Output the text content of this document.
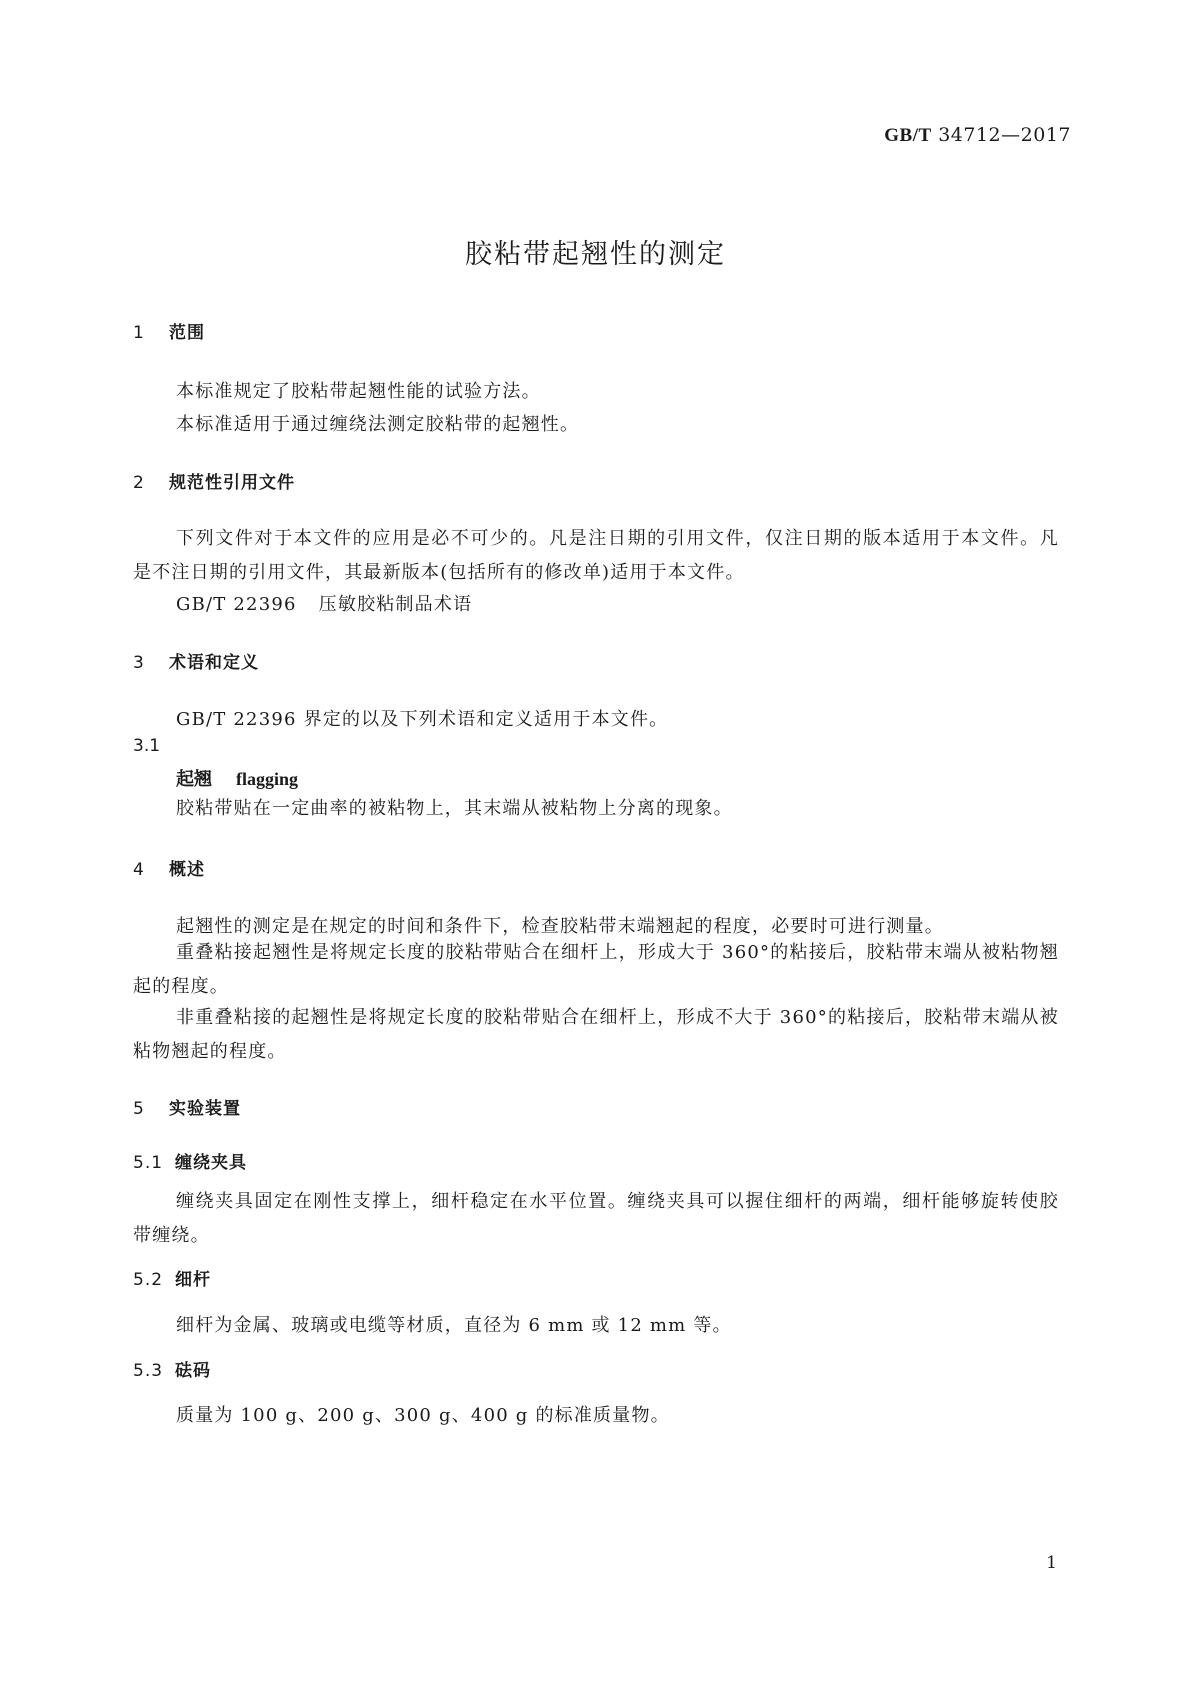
GB/T 34712—2017
胶粘带起翘性的测定
1 范围
本标准规定了胶粘带起翘性能的试验方法。
本标准适用于通过缠绕法测定胶粘带的起翘性。
2 规范性引用文件
下列文件对于本文件的应用是必不可少的。凡是注日期的引用文件，仅注日期的版本适用于本文件。凡是不注日期的引用文件，其最新版本(包括所有的修改单)适用于本文件。
GB/T 22396 压敏胶粘制品术语
3 术语和定义
GB/T 22396 界定的以及下列术语和定义适用于本文件。
3.1
起翘 flagging
胶粘带贴在一定曲率的被粘物上，其末端从被粘物上分离的现象。
4 概述
起翘性的测定是在规定的时间和条件下，检查胶粘带末端翘起的程度，必要时可进行测量。
重叠粘接起翘性是将规定长度的胶粘带贴合在细杆上，形成大于 360°的粘接后，胶粘带末端从被粘物翘起的程度。
非重叠粘接的起翘性是将规定长度的胶粘带贴合在细杆上，形成不大于 360°的粘接后，胶粘带末端从被粘物翘起的程度。
5 实验装置
5.1 缠绕夹具
缠绕夹具固定在刚性支撑上，细杆稳定在水平位置。缠绕夹具可以握住细杆的两端，细杆能够旋转使胶带缠绕。
5.2 细杆
细杆为金属、玻璃或电缆等材质，直径为 6 mm 或 12 mm 等。
5.3 砝码
质量为 100 g、200 g、300 g、400 g 的标准质量物。
1
